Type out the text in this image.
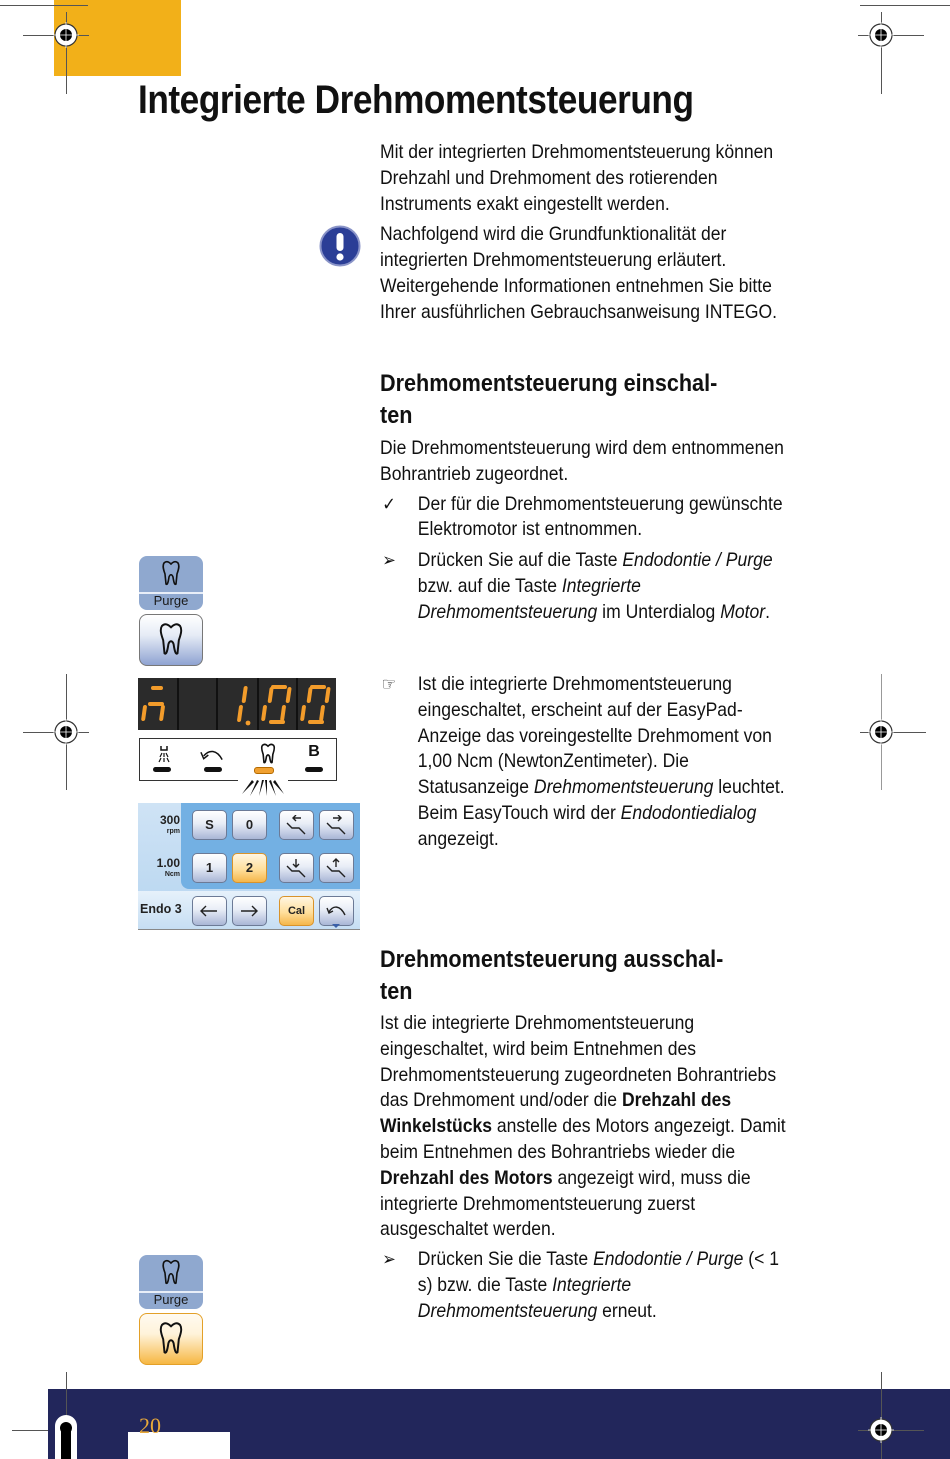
Integrierte Drehmomentsteuerung

Mit der integrierten Drehmomentsteuerung können Drehzahl und Drehmoment des rotierenden Instruments exakt eingestellt werden.

Nachfolgend wird die Grundfunktionalität der integrierten Drehmomentsteuerung erläutert. Weitergehende Informationen entnehmen Sie bitte Ihrer ausführlichen Gebrauchsanweisung INTEGO.

Drehmomentsteuerung einschal-
ten

Die Drehmomentsteuerung wird dem entnommenen Bohrantrieb zugeordnet.

✓ Der für die Drehmomentsteuerung gewünschte Elektromotor ist entnommen.
➢ Drücken Sie auf die Taste Endodontie / Purge bzw. auf die Taste Integrierte Drehmomentsteuerung im Unterdialog Motor.
☞ Ist die integrierte Drehmomentsteuerung eingeschaltet, erscheint auf der EasyPad-Anzeige das voreingestellte Drehmoment von 1,00 Ncm (NewtonZentimeter). Die Statusanzeige Drehmomentsteuerung leuchtet. Beim EasyTouch wird der Endodontiedialog angezeigt.
Drehmomentsteuerung ausschal-
ten

Ist die integrierte Drehmomentsteuerung eingeschaltet, wird beim Entnehmen des Drehmomentsteuerung zugeordneten Bohrantriebs das Drehmoment und/oder die Drehzahl des Winkelstücks anstelle des Motors angezeigt. Damit beim Entnehmen des Bohrantriebs wieder die Drehzahl des Motors angezeigt wird, muss die integrierte Drehmomentsteuerung zuerst ausgeschaltet werden.

➢ Drücken Sie die Taste Endodontie / Purge (< 1 s) bzw. die Taste Integrierte Drehmomentsteuerung erneut.
Purge
B
300
rpm
1.00
Ncm
Endo 3
S	0
1	2
Cal
Purge
20
